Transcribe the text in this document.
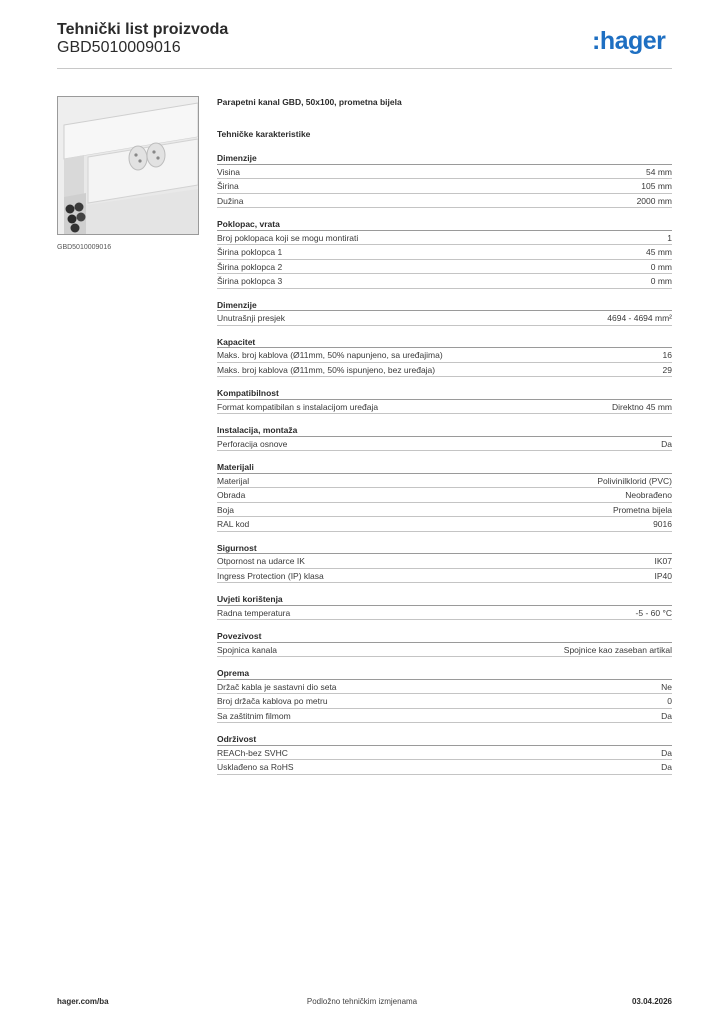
Tehnički list proizvoda
GBD5010009016	:hager
GBD5010009016
Parapetni kanal GBD, 50x100, prometna bijela
Tehničke karakteristike
Dimenzije
Visina	54 mm
Širina	105 mm
Dužina	2000 mm
Poklopac, vrata
Broj poklopaca koji se mogu montirati	1
Širina poklopca 1	45 mm
Širina poklopca 2	0 mm
Širina poklopca 3	0 mm
Dimenzije
Unutrašnji presjek	4694 - 4694 mm²
Kapacitet
Maks. broj kablova (Ø11mm, 50% napunjeno, sa uređajima)	16
Maks. broj kablova (Ø11mm, 50% ispunjeno, bez uređaja)	29
Kompatibilnost
Format kompatibilan s instalacijom uređaja	Direktno 45 mm
Instalacija, montaža
Perforacija osnove	Da
Materijali
Materijal	Polivinilklorid (PVC)
Obrada	Neobrađeno
Boja	Prometna bijela
RAL kod	9016
Sigurnost
Otpornost na udarce IK	IK07
Ingress Protection (IP) klasa	IP40
Uvjeti korištenja
Radna temperatura	-5 - 60 °C
Povezivost
Spojnica kanala	Spojnice kao zaseban artikal
Oprema
Držač kabla je sastavni dio seta	Ne
Broj držača kablova po metru	0
Sa zaštitnim filmom	Da
Održivost
REACh-bez SVHC	Da
Usklađeno sa RoHS	Da
hager.com/ba	Podložno tehničkim izmjenama	03.04.2026
